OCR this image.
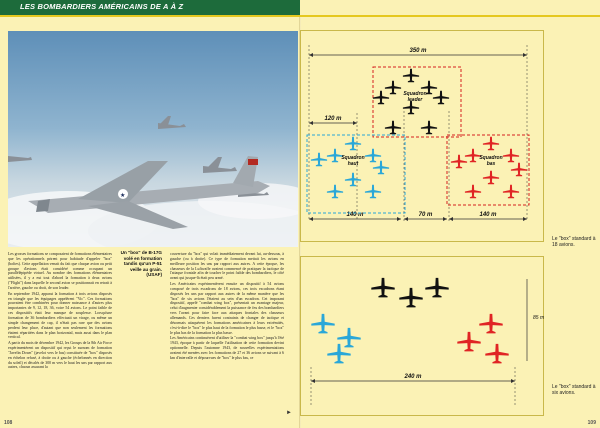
LES BOMBARDIERS AMÉRICAINS DE A À Z
★
Un "box" de B-17G volé en formation tandis qu'un P-51 veille au grain. (USAF)

Les grosses formations se composaient de formations élémentaires que les opérationnels prirent pour habitude d'appeler "box" (boîtes). Cette appellation venait du fait que chaque avion ou petit groupe d'avions était considéré comme occupant un parallélépipède virtuel. Au nombre des formations élémentaires utilisées, il y a eut tout d'abord la formation à deux avions ("Flight") dans laquelle le second avion se positionnait en retrait à l'arrière, gauche ou droit, de son leader.

En septembre 1942, apparut la formation à trois avions disposés en triangle que les équipages appelèrent "Vic". Ces formations pouvaient être combinées pour donner naissance à d'autres plus importantes de 9, 12, 18, 36, voire 54 avions. Le point faible de ces dispositifs était leur manque de souplesse. Lorsqu'une formation de 36 bombardiers effectuait un virage, ou même un simple changement de cap, il n'était pas rare que des avions perdent leur place, d'autant que non seulement les formations étaient répartiées dans le plan horizontal, mais aussi dans le plan vertical.

A partir du mois de décembre 1942, les Groups de la 8th Air Force expérimentèrent un dispositif qui reçut le surnom de formation "Javelin Down" (javelot vers le bas) constituée de "box" disposés en échelon refusé, à droite ou à gauche (échelonnés en direction du soleil) et décalés de 300 m vers le haut les uns par rapport aux autres, chacun assurant la

couverture du "box" qui volait immédiatement devant lui, au-dessous, à gauche (ou à droite). Ce type de formation mettait les avions en meilleure position les uns par rapport aux autres. A cette époque, les chasseurs de la Luftwaffe avaient commencé de pratiquer la tactique de l'attaque frontale afin de toucher le point faible des bombardiers, le côté avant qui jusque-là était peu armé.

Les Américains expérimentèrent ensuite un dispositif à 54 avions composé de trois escadrons de 18 avions, ces trois escadrons étant disposés les uns par rapport aux autres de la même manière que les "box" de six avions l'étaient au sein d'un escadron. Cet imposant dispositif, appelé "combat wing box", présentait un avantage majeur, celui d'augmenter considérablement la puissance de feu des bombardiers vers l'avant pour faire face aux attaques frontales des chasseurs allemands. Ces derniers furent contraints de changer de tactique et désormais attaquèrent les formations américaines à leurs extrémités, c'est-à-dire le "box" le plus haut de la formation le plus basse, et le "box" le plus bas de la formation la plus basse.

Les Américains continuèrent d'utiliser la "combat wing box" jusqu'à l'été 1943, époque à partir de laquelle l'utilisation de cette formation devint optionnelle. Depuis l'automne 1943, de nouvelles expérimentations avaient été menées avec les formations de 27 et 36 avions se suivant à 6 km d'intervalle et dépourvues de "box" le plus bas, ce

►
350 m
120 m
140 m	70 m	140 m
Squadron leader
Squadron haut
Squadron bas
85 m
240 m
Le "box" standard à 18 avions.
Le "box" standard à six avions.
108	109
